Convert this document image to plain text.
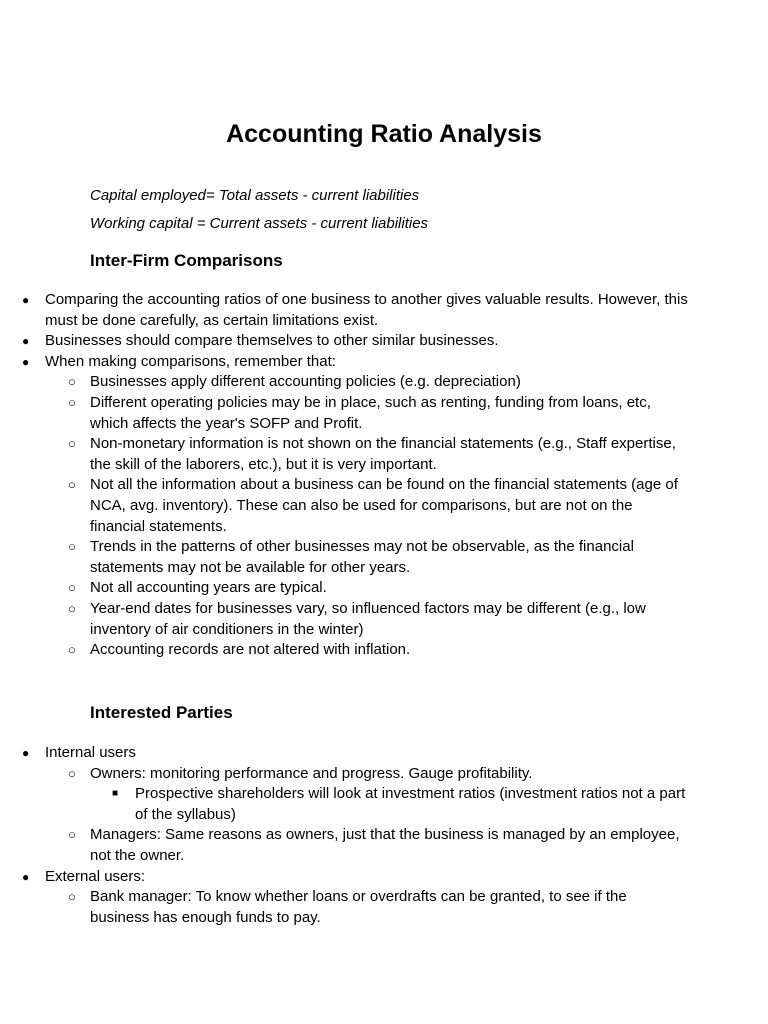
Accounting Ratio Analysis

Capital employed= Total assets - current liabilities

Working capital = Current assets - current liabilities

Inter-Firm Comparisons
●	Comparing the accounting ratios of one business to another gives valuable results. However, this must be done carefully, as certain limitations exist.
●	Businesses should compare themselves to other similar businesses.
●	When making comparisons, remember that:
○ Businesses apply different accounting policies (e.g. depreciation)
○ Different operating policies may be in place, such as renting, funding from loans, etc, which affects the year's SOFP and Profit.
○ Non-monetary information is not shown on the financial statements (e.g., Staff expertise, the skill of the laborers, etc.), but it is very important.
○ Not all the information about a business can be found on the financial statements (age of NCA, avg. inventory). These can also be used for comparisons, but are not on the financial statements.
○ Trends in the patterns of other businesses may not be observable, as the financial statements may not be available for other years.
○ Not all accounting years are typical.
○ Year-end dates for businesses vary, so influenced factors may be different (e.g., low inventory of air conditioners in the winter)
○ Accounting records are not altered with inflation.
Interested Parties
●	Internal users
○ Owners: monitoring performance and progress. Gauge profitability.
■ Prospective shareholders will look at investment ratios (investment ratios not a part of the syllabus)
○ Managers: Same reasons as owners, just that the business is managed by an employee, not the owner.
●	External users:
○ Bank manager: To know whether loans or overdrafts can be granted, to see if the business has enough funds to pay.
